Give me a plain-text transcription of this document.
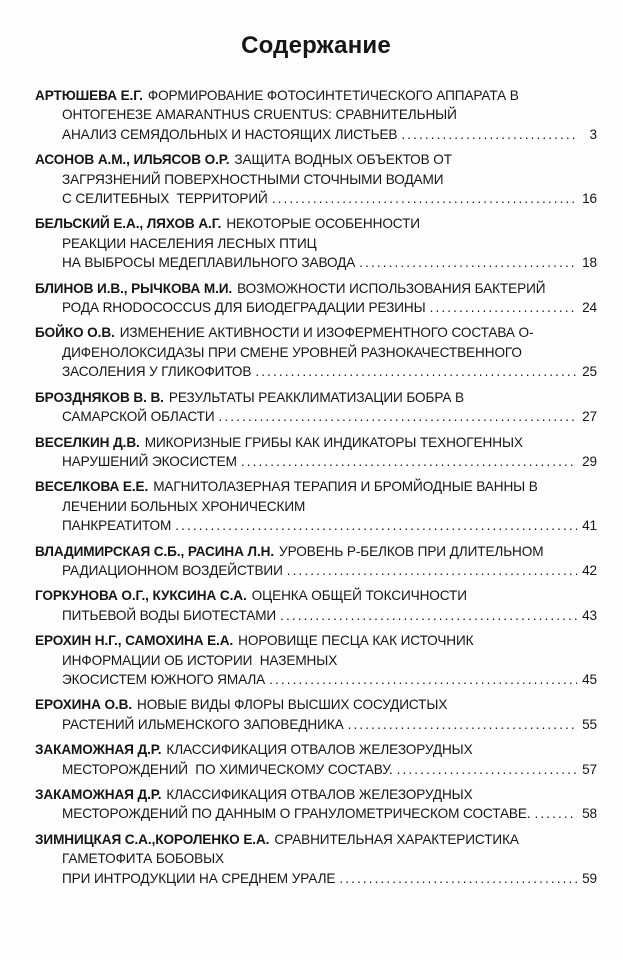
Содержание
АРТЮШЕВА Е.Г. ФОРМИРОВАНИЕ ФОТОСИНТЕТИЧЕСКОГО АППАРАТА В
ОНТОГЕНЕЗЕ AMARANTHUS CRUENTUS: СРАВНИТЕЛЬНЫЙ
АНАЛИЗ СЕМЯДОЛЬНЫХ И НАСТОЯЩИХ ЛИСТЬЕВ .....	3
АСОНОВ А.М., ИЛЬЯСОВ О.Р. ЗАЩИТА ВОДНЫХ ОБЪЕКТОВ ОТ
ЗАГРЯЗНЕНИЙ ПОВЕРХНОСТНЫМИ СТОЧНЫМИ ВОДАМИ
С СЕЛИТЕБНЫХ  ТЕРРИТОРИЙ .....	16
БЕЛЬСКИЙ Е.А., ЛЯХОВ А.Г. НЕКОТОРЫЕ ОСОБЕННОСТИ
РЕАКЦИИ НАСЕЛЕНИЯ ЛЕСНЫХ ПТИЦ
НА ВЫБРОСЫ МЕДЕПЛАВИЛЬНОГО ЗАВОДА .....	18
БЛИНОВ И.В., РЫЧКОВА М.И. ВОЗМОЖНОСТИ ИСПОЛЬЗОВАНИЯ БАКТЕРИЙ
РОДА RHODOCOCCUS ДЛЯ БИОДЕГРАДАЦИИ РЕЗИНЫ .....	24
БОЙКО О.В. ИЗМЕНЕНИЕ АКТИВНОСТИ И ИЗОФЕРМЕНТНОГО СОСТАВА О-
ДИФЕНОЛОКСИДАЗЫ ПРИ СМЕНЕ УРОВНЕЙ РАЗНОКАЧЕСТВЕННОГО
ЗАСОЛЕНИЯ У ГЛИКОФИТОВ .....	25
БРОЗДНЯКОВ В. В. РЕЗУЛЬТАТЫ РЕАККЛИМАТИЗАЦИИ БОБРА В
САМАРСКОЙ ОБЛАСТИ .....	27
ВЕСЕЛКИН Д.В. МИКОРИЗНЫЕ ГРИБЫ КАК ИНДИКАТОРЫ ТЕХНОГЕННЫХ
НАРУШЕНИЙ ЭКОСИСТЕМ .....	29
ВЕСЕЛКОВА Е.Е. МАГНИТОЛАЗЕРНАЯ ТЕРАПИЯ И БРОМЙОДНЫЕ ВАННЫ В
ЛЕЧЕНИИ БОЛЬНЫХ ХРОНИЧЕСКИМ
ПАНКРЕАТИТОМ .....	41
ВЛАДИМИРСКАЯ С.Б., РАСИНА Л.Н. УРОВЕНЬ Р-БЕЛКОВ ПРИ ДЛИТЕЛЬНОМ
РАДИАЦИОННОМ ВОЗДЕЙСТВИИ .....	42
ГОРКУНОВА О.Г., КУКСИНА С.А. ОЦЕНКА ОБЩЕЙ ТОКСИЧНОСТИ
ПИТЬЕВОЙ ВОДЫ БИОТЕСТАМИ .....	43
ЕРОХИН Н.Г., САМОХИНА Е.А. НОРОВИЩЕ ПЕСЦА КАК ИСТОЧНИК
ИНФОРМАЦИИ ОБ ИСТОРИИ  НАЗЕМНЫХ
ЭКОСИСТЕМ ЮЖНОГО ЯМАЛА .....	45
ЕРОХИНА О.В. НОВЫЕ ВИДЫ ФЛОРЫ ВЫСШИХ СОСУДИСТЫХ
РАСТЕНИЙ ИЛЬМЕНСКОГО ЗАПОВЕДНИКА .....	55
ЗАКАМОЖНАЯ Д.Р. КЛАССИФИКАЦИЯ ОТВАЛОВ ЖЕЛЕЗОРУДНЫХ
МЕСТОРОЖДЕНИЙ  ПО ХИМИЧЕСКОМУ СОСТАВУ. .....	57
ЗАКАМОЖНАЯ Д.Р. КЛАССИФИКАЦИЯ ОТВАЛОВ ЖЕЛЕЗОРУДНЫХ
МЕСТОРОЖДЕНИЙ ПО ДАННЫМ О ГРАНУЛОМЕТРИЧЕСКОМ СОСТАВЕ. .....	58
ЗИМНИЦКАЯ С.А.,КОРОЛЕНКО Е.А. СРАВНИТЕЛЬНАЯ ХАРАКТЕРИСТИКА
ГАМЕТОФИТА БОБОВЫХ
ПРИ ИНТРОДУКЦИИ НА СРЕДНЕМ УРАЛЕ .....	59
